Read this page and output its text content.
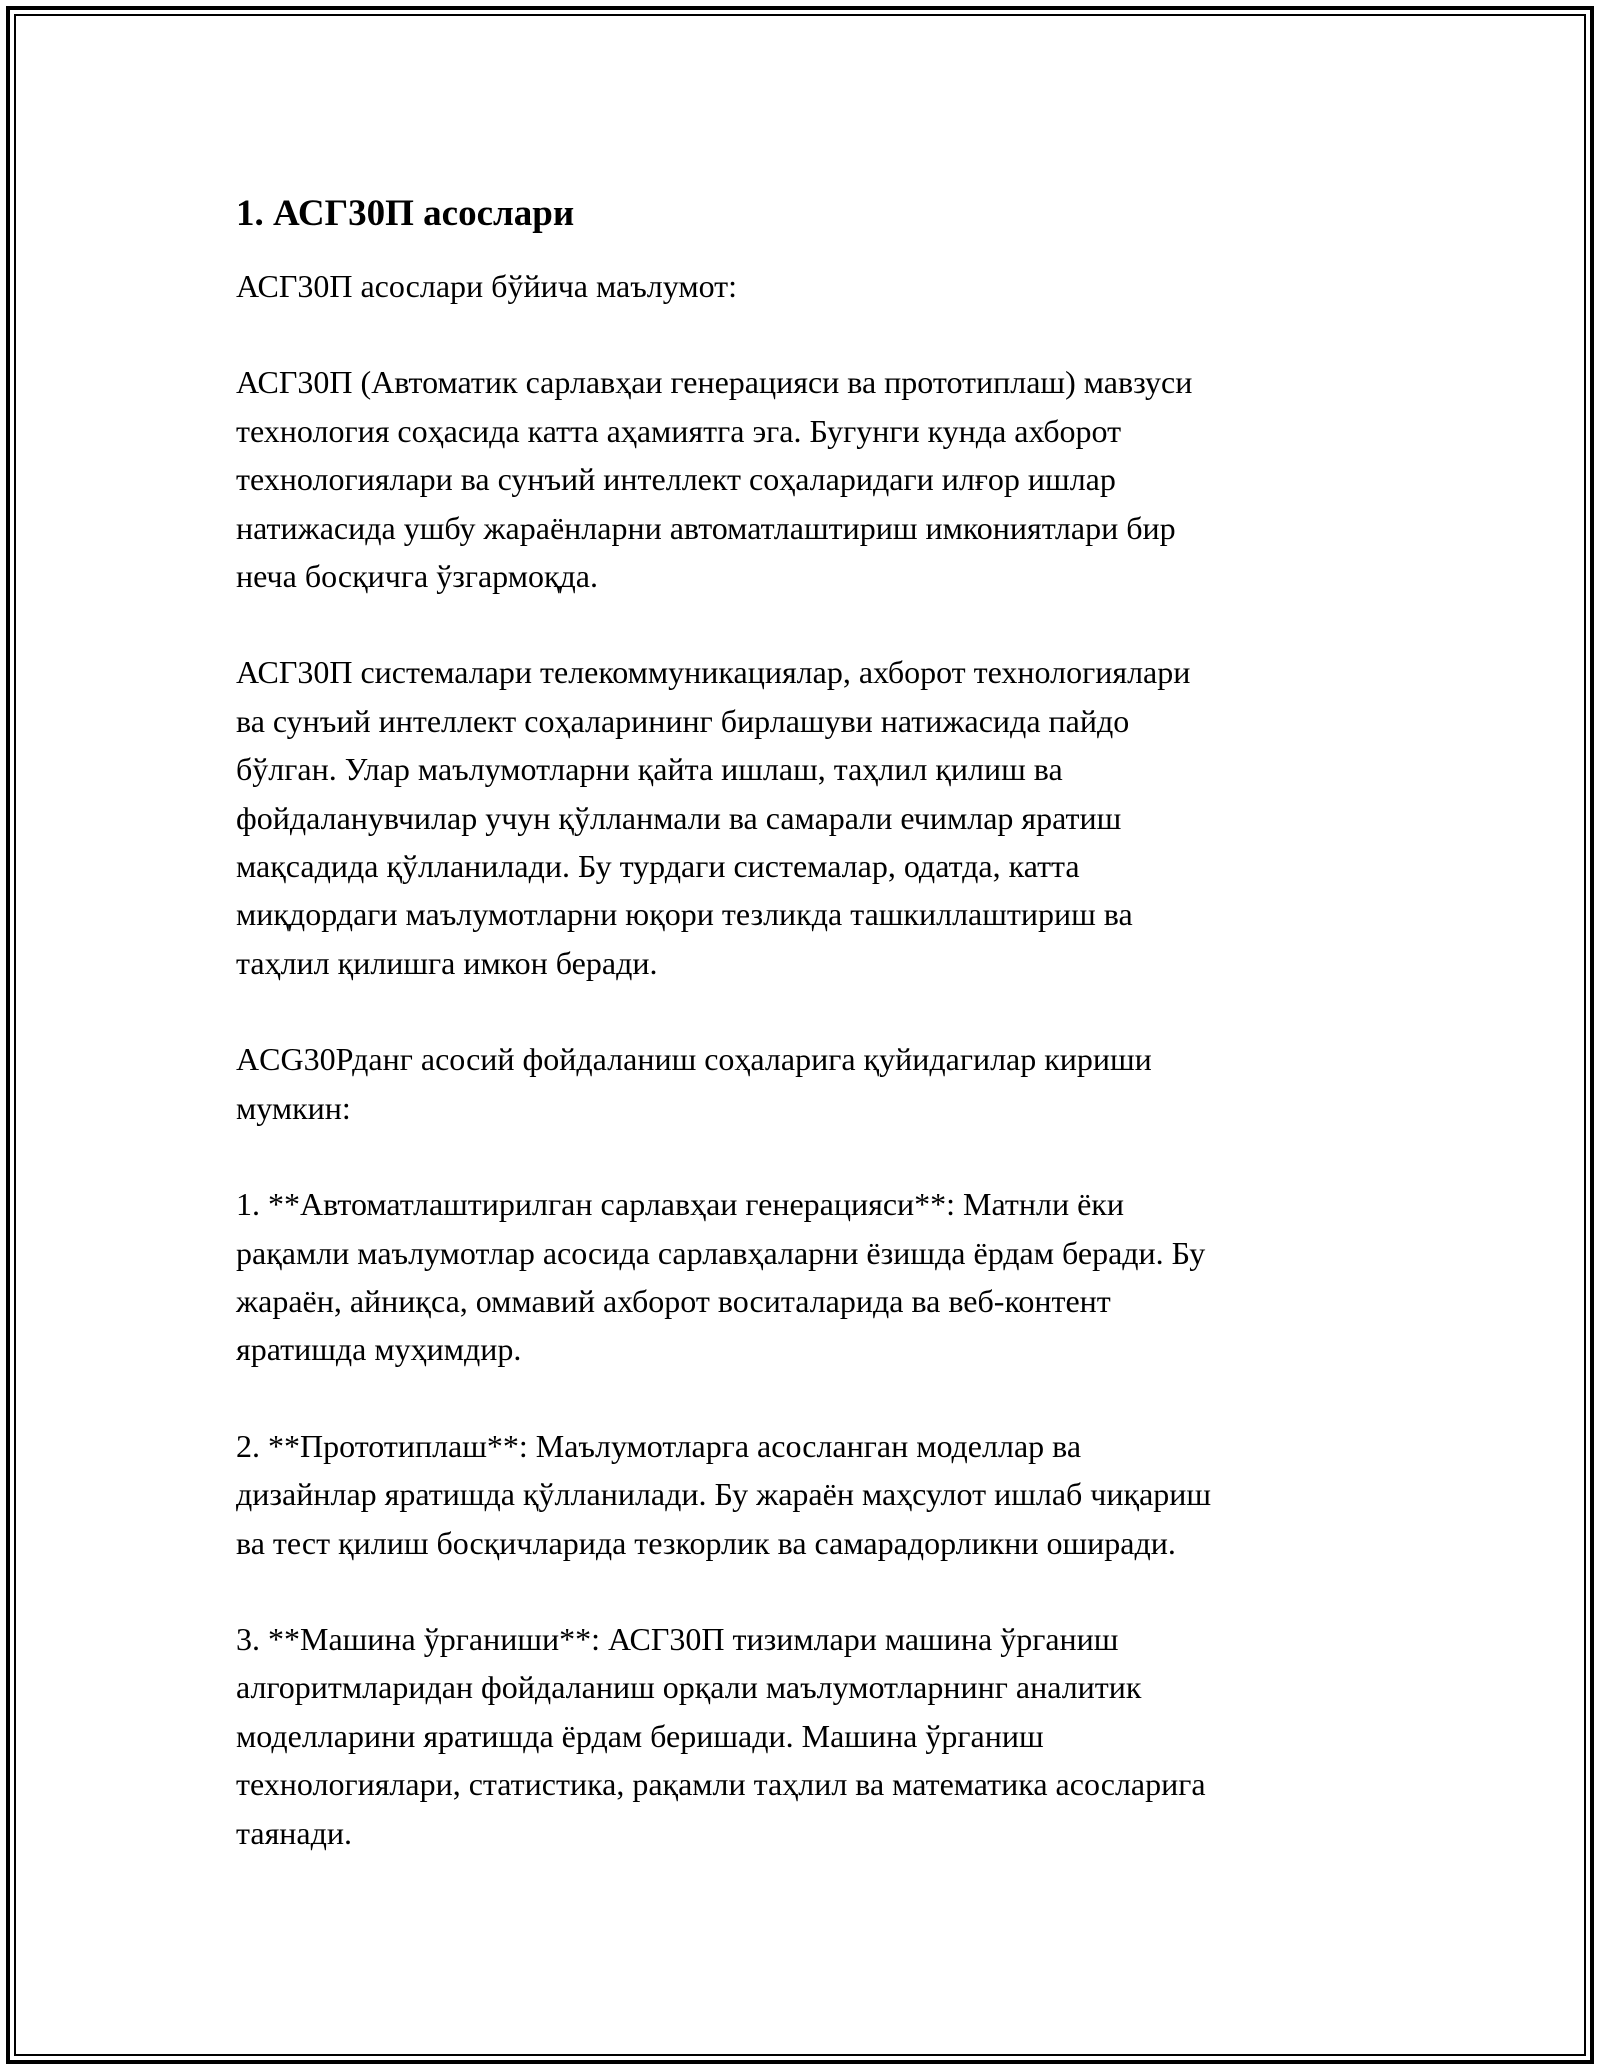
1. АСГ30П асослари

АСГ30П асослари бўйича маълумот:

АСГ30П (Автоматик сарлавҳаи генерацияси ва прототиплаш) мавзуси
технология соҳасида катта аҳамиятга эга. Бугунги кунда ахборот
технологиялари ва сунъий интеллект соҳаларидаги илғор ишлар
натижасида ушбу жараёнларни автоматлаштириш имкониятлари бир
неча босқичга ўзгармоқда.

АСГ30П системалари телекоммуникациялар, ахборот технологиялари
ва сунъий интеллект соҳаларининг бирлашуви натижасида пайдо
бўлган. Улар маълумотларни қайта ишлаш, таҳлил қилиш ва
фойдаланувчилар учун қўлланмали ва самарали ечимлар яратиш
мақсадида қўлланилади. Бу турдаги системалар, одатда, катта
миқдордаги маълумотларни юқори тезликда ташкиллаштириш ва
таҳлил қилишга имкон беради.

ACG30Рданг асосий фойдаланиш соҳаларига қуйидагилар кириши
мумкин:

1. **Автоматлаштирилган сарлавҳаи генерацияси**: Матнли ёки
рақамли маълумотлар асосида сарлавҳаларни ёзишда ёрдам беради. Бу
жараён, айниқса, оммавий ахборот воситаларида ва веб-контент
яратишда муҳимдир.

2. **Прототиплаш**: Маълумотларга асосланган моделлар ва
дизайнлар яратишда қўлланилади. Бу жараён маҳсулот ишлаб чиқариш
ва тест қилиш босқичларида тезкорлик ва самарадорликни оширади.

3. **Машина ўрганиши**: АСГ30П тизимлари машина ўрганиш
алгоритмларидан фойдаланиш орқали маълумотларнинг аналитик
моделларини яратишда ёрдам беришади. Машина ўрганиш
технологиялари, статистика, рақамли таҳлил ва математика асосларига
таянади.
